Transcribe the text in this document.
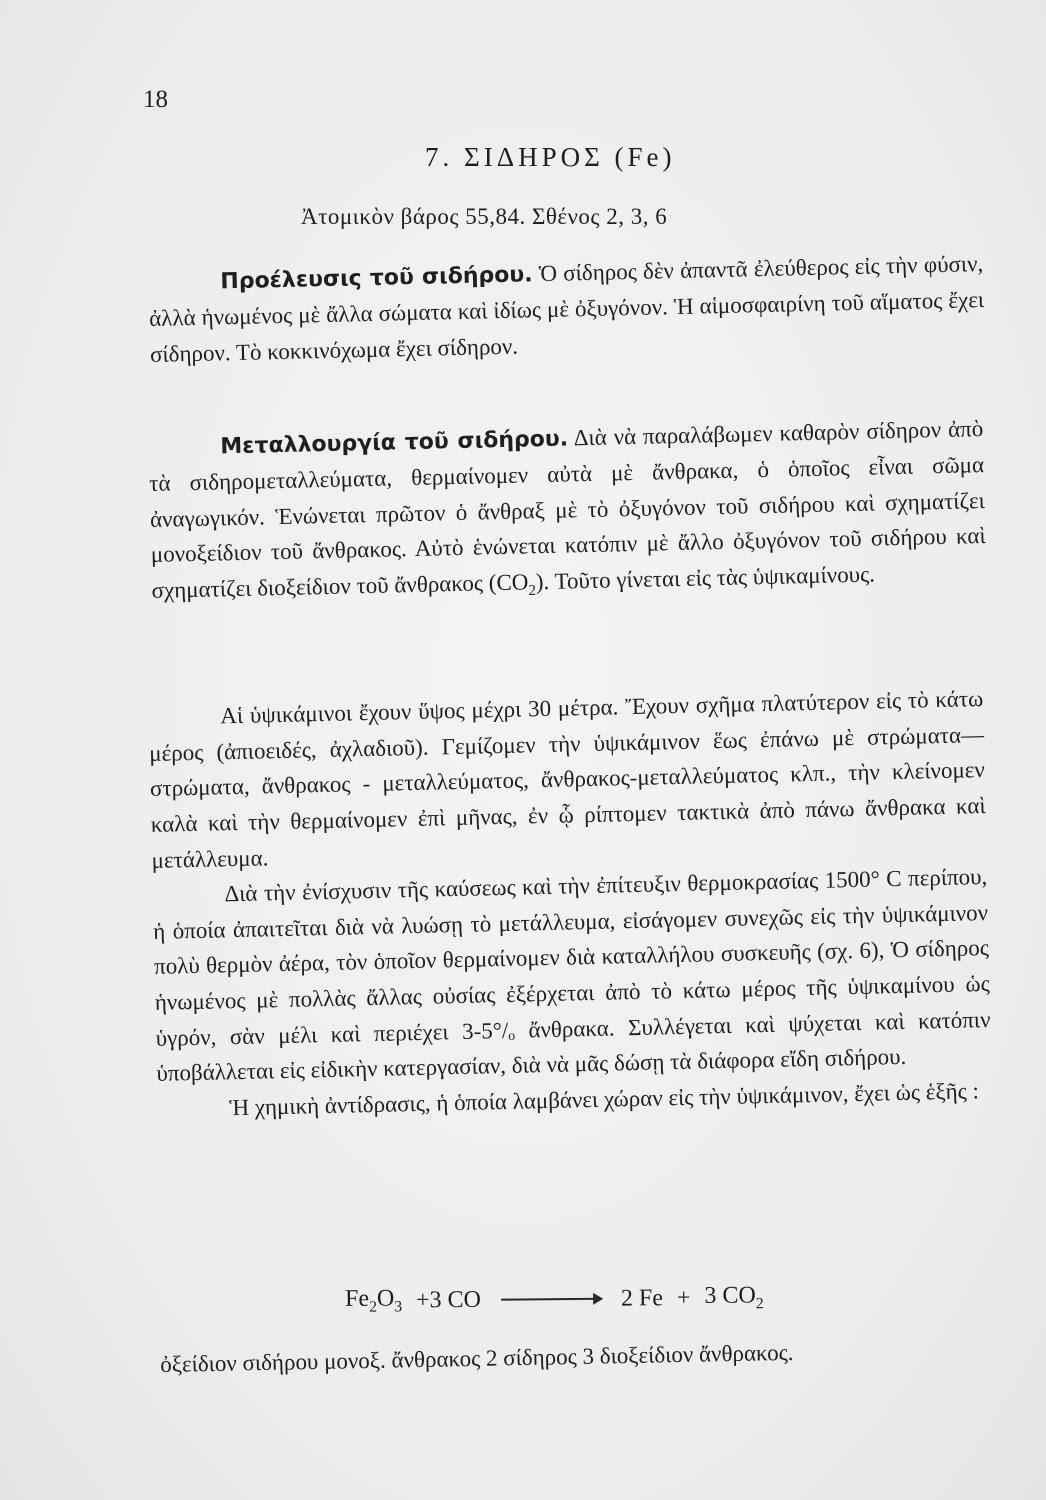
18
7. ΣΙΔΗΡΟΣ (Fe)
Ἀτομικὸν βάρος 55,84. Σθένος 2, 3, 6

Προέλευσις τοῦ σιδήρου. Ὁ σίδηρος δὲν ἀπαντᾶ ἐλεύθερος εἰς τὴν φύσιν, ἀλλὰ ἡνωμένος μὲ ἄλλα σώματα καὶ ἰδίως μὲ ὀξυγόνον. Ἡ αἱμοσφαιρίνη τοῦ αἵματος ἔχει σίδηρον. Τὸ κοκκινόχωμα ἔχει σίδηρον.

Μεταλλουργία τοῦ σιδήρου. Διὰ νὰ παραλάβωμεν καθαρὸν σίδηρον ἀπὸ τὰ σιδηρομεταλλεύματα, θερμαίνομεν αὐτὰ μὲ ἄνθρακα, ὁ ὁποῖος εἶναι σῶμα ἀναγωγικόν. Ἑνώνεται πρῶτον ὁ ἄνθραξ μὲ τὸ ὀξυγόνον τοῦ σιδήρου καὶ σχηματίζει μονοξείδιον τοῦ ἄνθρακος. Αὐτὸ ἑνώνεται κατόπιν μὲ ἄλλο ὀξυγόνον τοῦ σιδήρου καὶ σχηματίζει διοξείδιον τοῦ ἄνθρακος $(CO_2)$. Τοῦτο γίνεται εἰς τὰς ὑψικαμίνους.

Αἱ ὑψικάμινοι ἔχουν ὕψος μέχρι 30 μέτρα. Ἔχουν σχῆμα πλατύτερον εἰς τὸ κάτω μέρος (ἀπιοειδές, ἀχλαδιοῦ). Γεμίζομεν τὴν ὑψικάμινον ἕως ἐπάνω μὲ στρώματα—στρώματα, ἄνθρακος - μεταλλεύματος, ἄνθρακος-μεταλλεύματος κλπ., τὴν κλείνομεν καλὰ καὶ τὴν θερμαίνομεν ἐπὶ μῆνας, ἐν ᾧ ρίπτομεν τακτικὰ ἀπὸ πάνω ἄνθρακα καὶ μετάλλευμα.

Διὰ τὴν ἐνίσχυσιν τῆς καύσεως καὶ τὴν ἐπίτευξιν θερμοκρασίας 1500° C περίπου, ἡ ὁποία ἀπαιτεῖται διὰ νὰ λυώσῃ τὸ μετάλλευμα, εἰσάγομεν συνεχῶς εἰς τὴν ὑψικάμινον πολὺ θερμὸν ἀέρα, τὸν ὁποῖον θερμαίνομεν διὰ καταλλήλου συσκευῆς (σχ. 6), Ὁ σίδηρος ἡνωμένος μὲ πολλὰς ἄλλας οὐσίας ἐξέρχεται ἀπὸ τὸ κάτω μέρος τῆς ὑψικαμίνου ὡς ὑγρόν, σὰν μέλι καὶ περιέχει 3-5°/ₒ ἄνθρακα. Συλλέγεται καὶ ψύχεται καὶ κατόπιν ὑποβάλλεται εἰς εἰδικὴν κατεργασίαν, διὰ νὰ μᾶς δώσῃ τὰ διάφορα εἴδη σιδήρου.

Ἡ χημικὴ ἀντίδρασις, ἡ ὁποία λαμβάνει χώραν εἰς τὴν ὑψικάμινον, ἔχει ὡς ἑξῆς :

$Fe_2O_3 +3$ CO	2 Fe + 3 $CO_2$
ὀξείδιον σιδήρου μονοξ. ἄνθρακος 2 σίδηρος 3 διοξείδιον ἄνθρακος.
